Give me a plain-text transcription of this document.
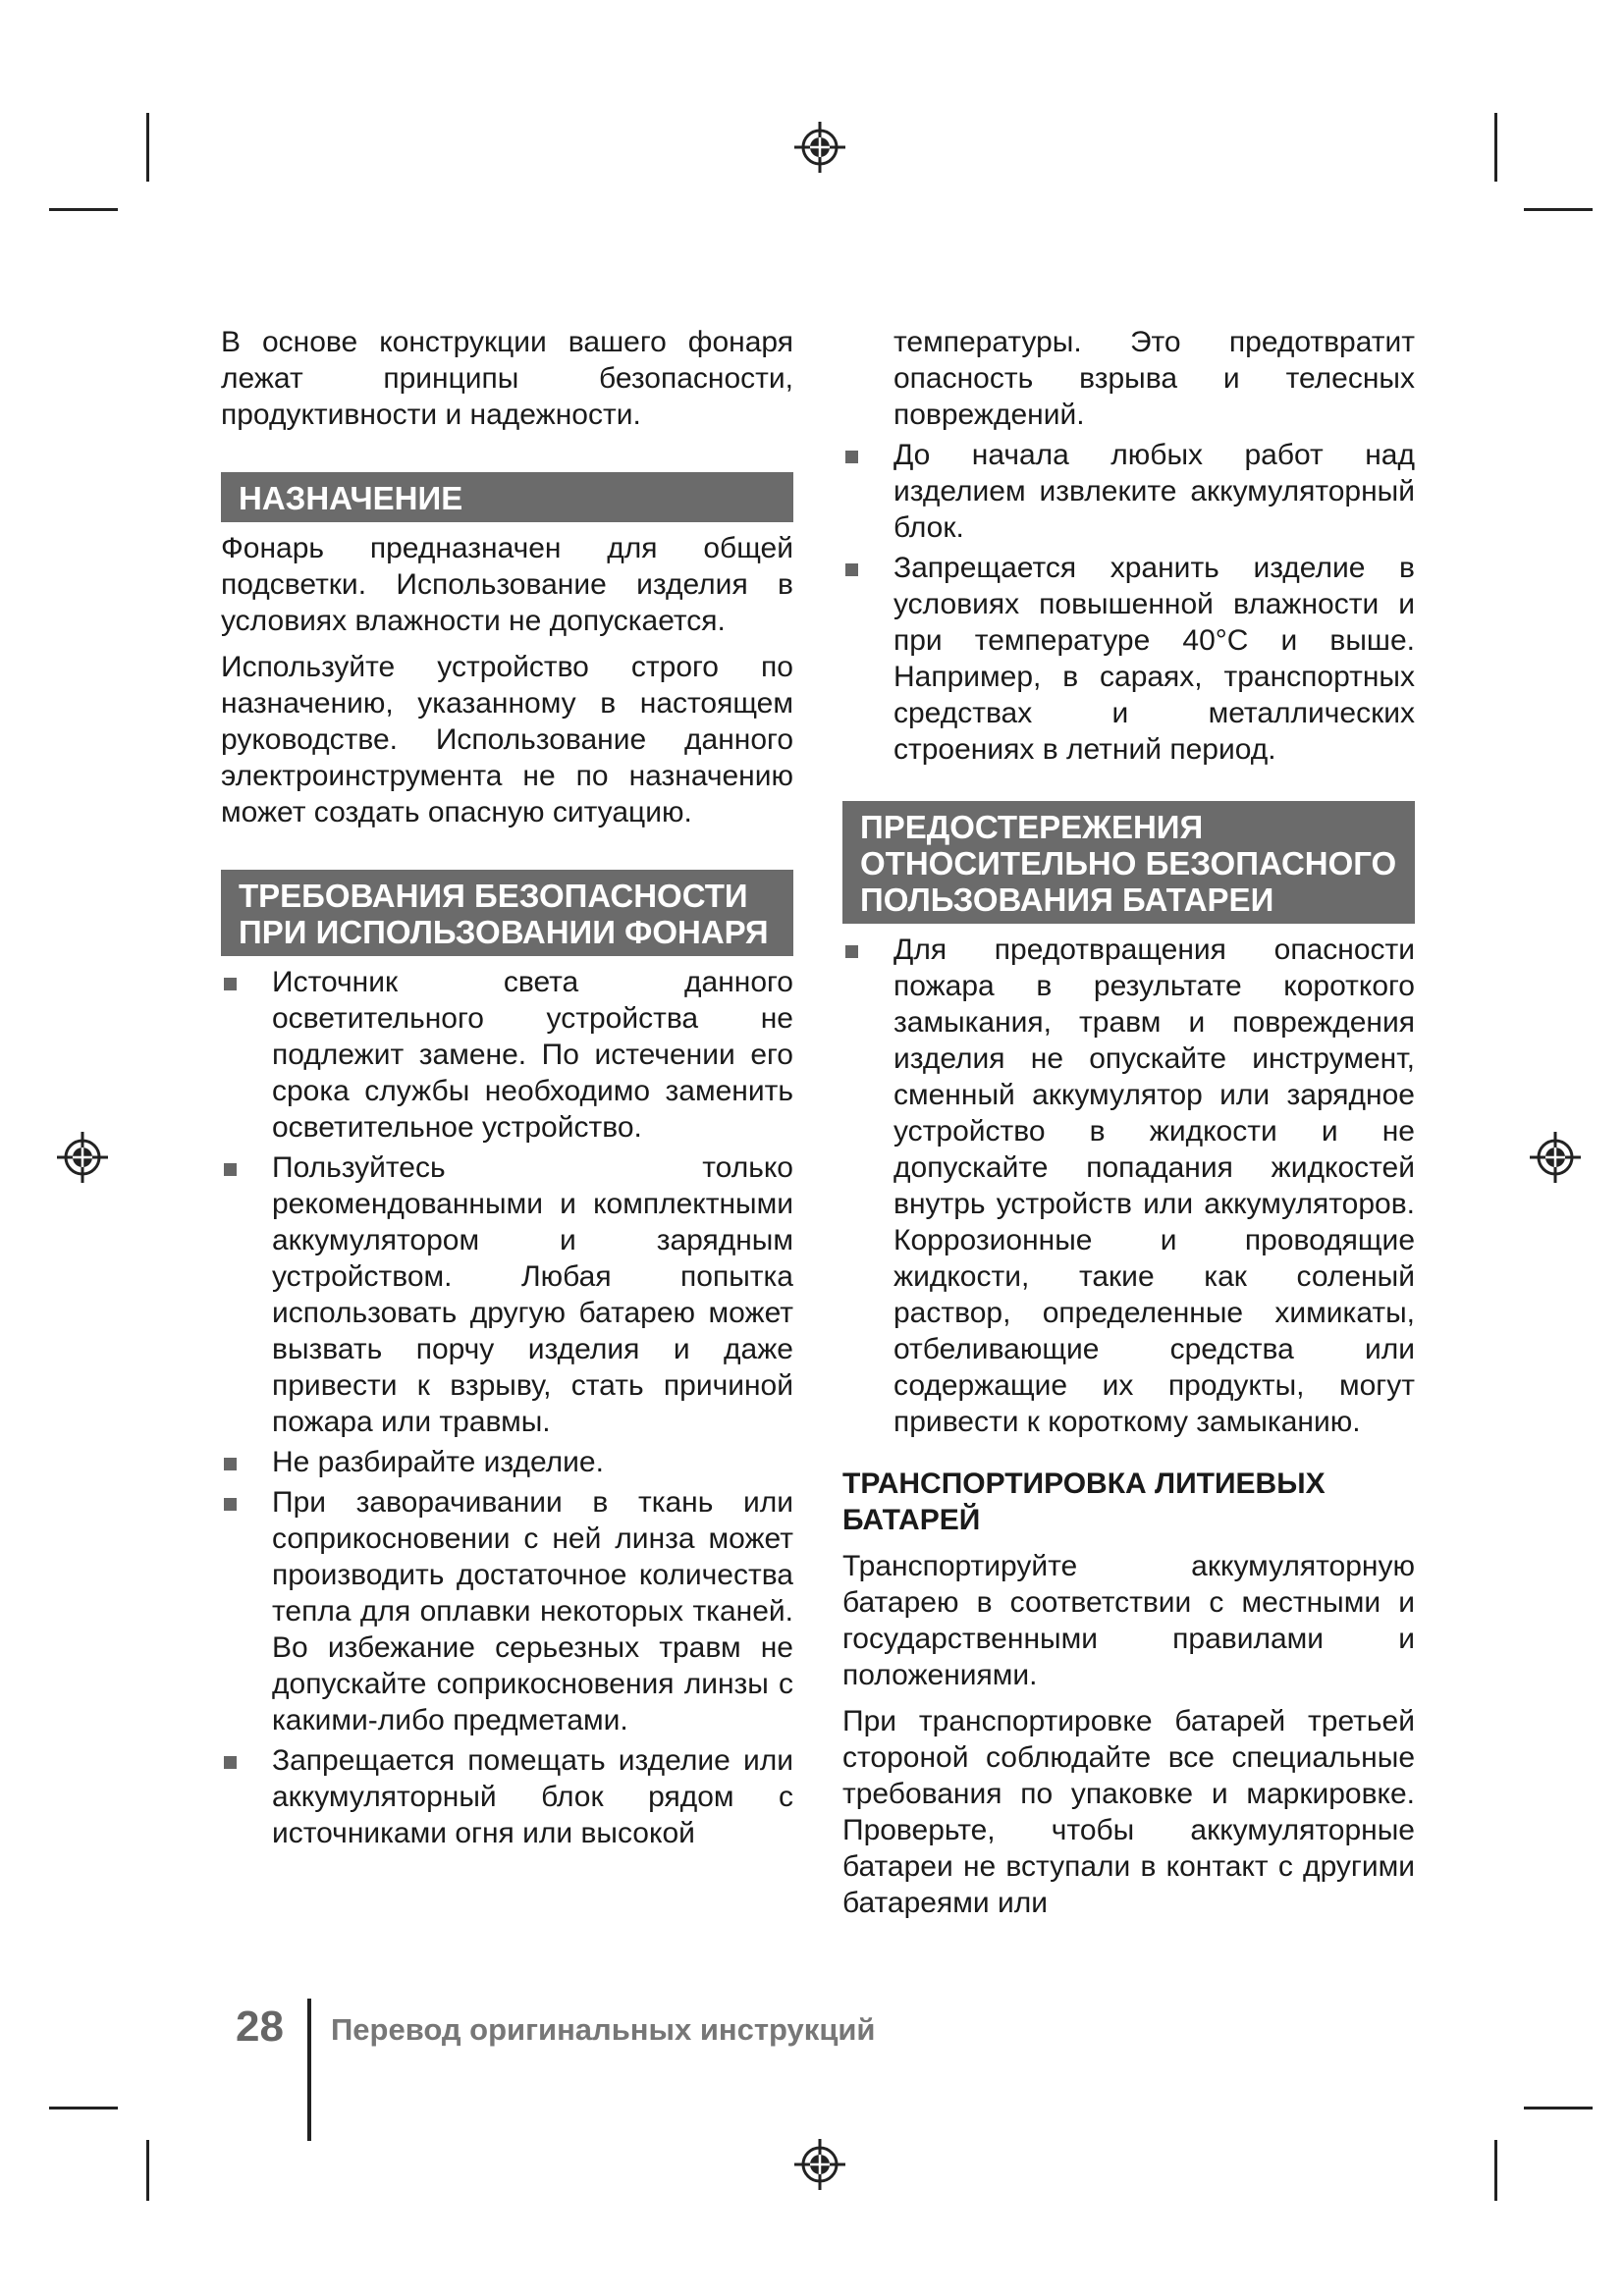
В основе конструкции вашего фонаря лежат принципы безопасности, продуктивности и надежности.

НАЗНАЧЕНИЕ

Фонарь предназначен для общей подсветки. Использование изделия в условиях влажности не допускается.

Используйте устройство строго по назначению, указанному в настоящем руководстве. Использование данного электроинструмента не по назначению может создать опасную ситуацию.

ТРЕБОВАНИЯ БЕЗОПАСНОСТИ
ПРИ ИСПОЛЬЗОВАНИИ ФОНАРЯ
Источник света данного осветительного устройства не подлежит замене. По истечении его срока службы необходимо заменить осветительное устройство.
Пользуйтесь только рекомендованными и комплектными аккумулятором и зарядным устройством. Любая попытка использовать другую батарею может вызвать порчу изделия и даже привести к взрыву, стать причиной пожара или травмы.
Не разбирайте изделие.
При заворачивании в ткань или соприкосновении с ней линза может производить достаточное количества тепла для оплавки некоторых тканей. Во избежание серьезных травм не допускайте соприкосновения линзы с какими-либо предметами.
Запрещается помещать изделие или аккумуляторный блок рядом с источниками огня или высокой
температуры. Это предотвратит опасность взрыва и телесных повреждений.
До начала любых работ над изделием извлеките аккумуляторный блок.
Запрещается хранить изделие в условиях повышенной влажности и при температуре 40°C и выше. Например, в сараях, транспортных средствах и металлических строениях в летний период.
ПРЕДОСТЕРЕЖЕНИЯ
ОТНОСИТЕЛЬНО БЕЗОПАСНОГО
ПОЛЬЗОВАНИЯ БАТАРЕИ
Для предотвращения опасности пожара в результате короткого замыкания, травм и повреждения изделия не опускайте инструмент, сменный аккумулятор или зарядное устройство в жидкости и не допускайте попадания жидкостей внутрь устройств или аккумуляторов. Коррозионные и проводящие жидкости, такие как соленый раствор, определенные химикаты, отбеливающие средства или содержащие их продукты, могут привести к короткому замыканию.
ТРАНСПОРТИРОВКА ЛИТИЕВЫХ БАТАРЕЙ

Транспортируйте аккумуляторную батарею в соответствии с местными и государственными правилами и положениями.

При транспортировке батарей третьей стороной соблюдайте все специальные требования по упаковке и маркировке. Проверьте, чтобы аккумуляторные батареи не вступали в контакт с другими батареями или

28 Перевод оригинальных инструкций
